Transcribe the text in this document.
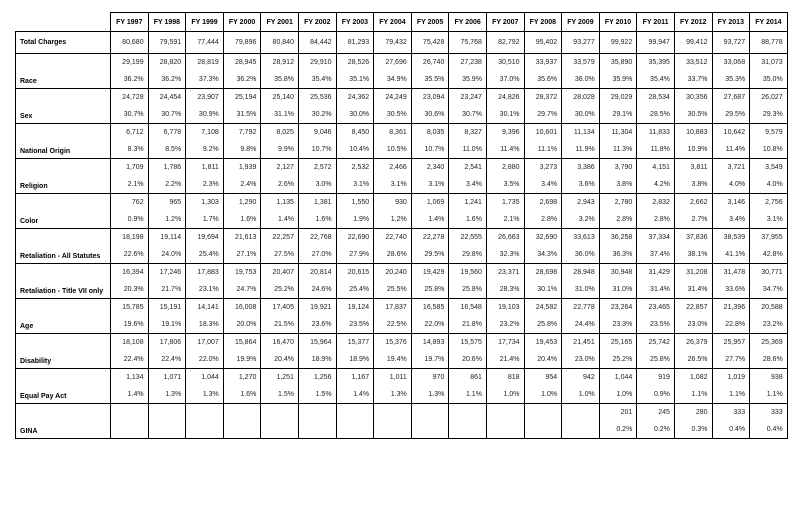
	FY 1997	FY 1998	FY 1999	FY 2000	FY 2001	FY 2002	FY 2003	FY 2004	FY 2005	FY 2006	FY 2007	FY 2008	FY 2009	FY 2010	FY 2011	FY 2012	FY 2013	FY 2014
Total Charges	80,680	79,591	77,444	79,896	80,840	84,442	81,293	79,432	75,428	75,768	82,792	95,402	93,277	99,922	99,947	99,412	93,727	88,778
Race	29,199	28,820	28,819	28,945	28,912	29,910	28,526	27,696	26,740	27,238	30,510	33,937	33,579	35,890	35,395	33,512	33,068	31,073
	36.2%	36.2%	37.3%	36.2%	35.8%	35.4%	35.1%	34.9%	35.5%	35.9%	37.0%	35.6%	36.0%	35.9%	35.4%	33.7%	35.3%	35.0%
Sex	24,728	24,454	23,907	25,194	25,140	25,536	24,362	24,249	23,094	23,247	24,826	28,372	28,028	29,029	28,534	30,356	27,687	26,027
	30.7%	30.7%	30.9%	31.5%	31.1%	30.2%	30.0%	30.5%	30.6%	30.7%	30.1%	29.7%	30.0%	29.1%	28.5%	30.5%	29.5%	29.3%
National Origin	6,712	6,778	7,108	7,792	8,025	9,046	8,450	8,361	8,035	8,327	9,396	10,601	11,134	11,304	11,833	10,883	10,642	9,579
	8.3%	8.5%	9.2%	9.8%	9.9%	10.7%	10.4%	10.5%	10.7%	11.0%	11.4%	11.1%	11.9%	11.3%	11.8%	10.9%	11.4%	10.8%
Religion	1,709	1,786	1,811	1,939	2,127	2,572	2,532	2,466	2,340	2,541	2,880	3,273	3,386	3,790	4,151	3,811	3,721	3,549
	2.1%	2.2%	2.3%	2.4%	2.6%	3.0%	3.1%	3.1%	3.1%	3.4%	3.5%	3.4%	3.6%	3.8%	4.2%	3.8%	4.0%	4.0%
Color	762	965	1,303	1,290	1,135	1,381	1,550	930	1,069	1,241	1,735	2,698	2,943	2,780	2,832	2,662	3,146	2,756
	0.9%	1.2%	1.7%	1.6%	1.4%	1.6%	1.9%	1.2%	1.4%	1.6%	2.1%	2.8%	3.2%	2.8%	2.8%	2.7%	3.4%	3.1%
Retaliation - All Statutes	18,198	19,114	19,694	21,613	22,257	22,768	22,690	22,740	22,278	22,555	26,663	32,690	33,613	36,258	37,334	37,836	38,539	37,955
	22.6%	24.0%	25.4%	27.1%	27.5%	27.0%	27.9%	28.6%	29.5%	29.8%	32.3%	34.3%	36.0%	36.3%	37.4%	38.1%	41.1%	42.8%
Retaliation - Title VII only	16,394	17,246	17,883	19,753	20,407	20,814	20,615	20,240	19,429	19,560	23,371	28,698	28,948	30,948	31,429	31,208	31,478	30,771
	20.3%	21.7%	23.1%	24.7%	25.2%	24.6%	25.4%	25.5%	25.8%	25.8%	28.3%	30.1%	31.0%	31.0%	31.4%	31.4%	33.6%	34.7%
Age	15,785	15,191	14,141	16,008	17,405	19,921	19,124	17,837	16,585	16,548	19,103	24,582	22,778	23,264	23,465	22,857	21,396	20,588
	19.6%	19.1%	18.3%	20.0%	21.5%	23.6%	23.5%	22.5%	22.0%	21.8%	23.2%	25.8%	24.4%	23.3%	23.5%	23.0%	22.8%	23.2%
Disability	18,108	17,806	17,007	15,864	16,470	15,964	15,377	15,376	14,893	15,575	17,734	19,453	21,451	25,165	25,742	26,379	25,957	25,369
	22.4%	22.4%	22.0%	19.9%	20.4%	18.9%	18.9%	19.4%	19.7%	20.6%	21.4%	20.4%	23.0%	25.2%	25.8%	26.5%	27.7%	28.6%
Equal Pay Act	1,134	1,071	1,044	1,270	1,251	1,256	1,167	1,011	970	861	818	954	942	1,044	919	1,082	1,019	938
	1.4%	1.3%	1.3%	1.6%	1.5%	1.5%	1.4%	1.3%	1.3%	1.1%	1.0%	1.0%	1.0%	1.0%	0.9%	1.1%	1.1%	1.1%
GINA														201	245	280	333	333
														0.2%	0.2%	0.3%	0.4%	0.4%
